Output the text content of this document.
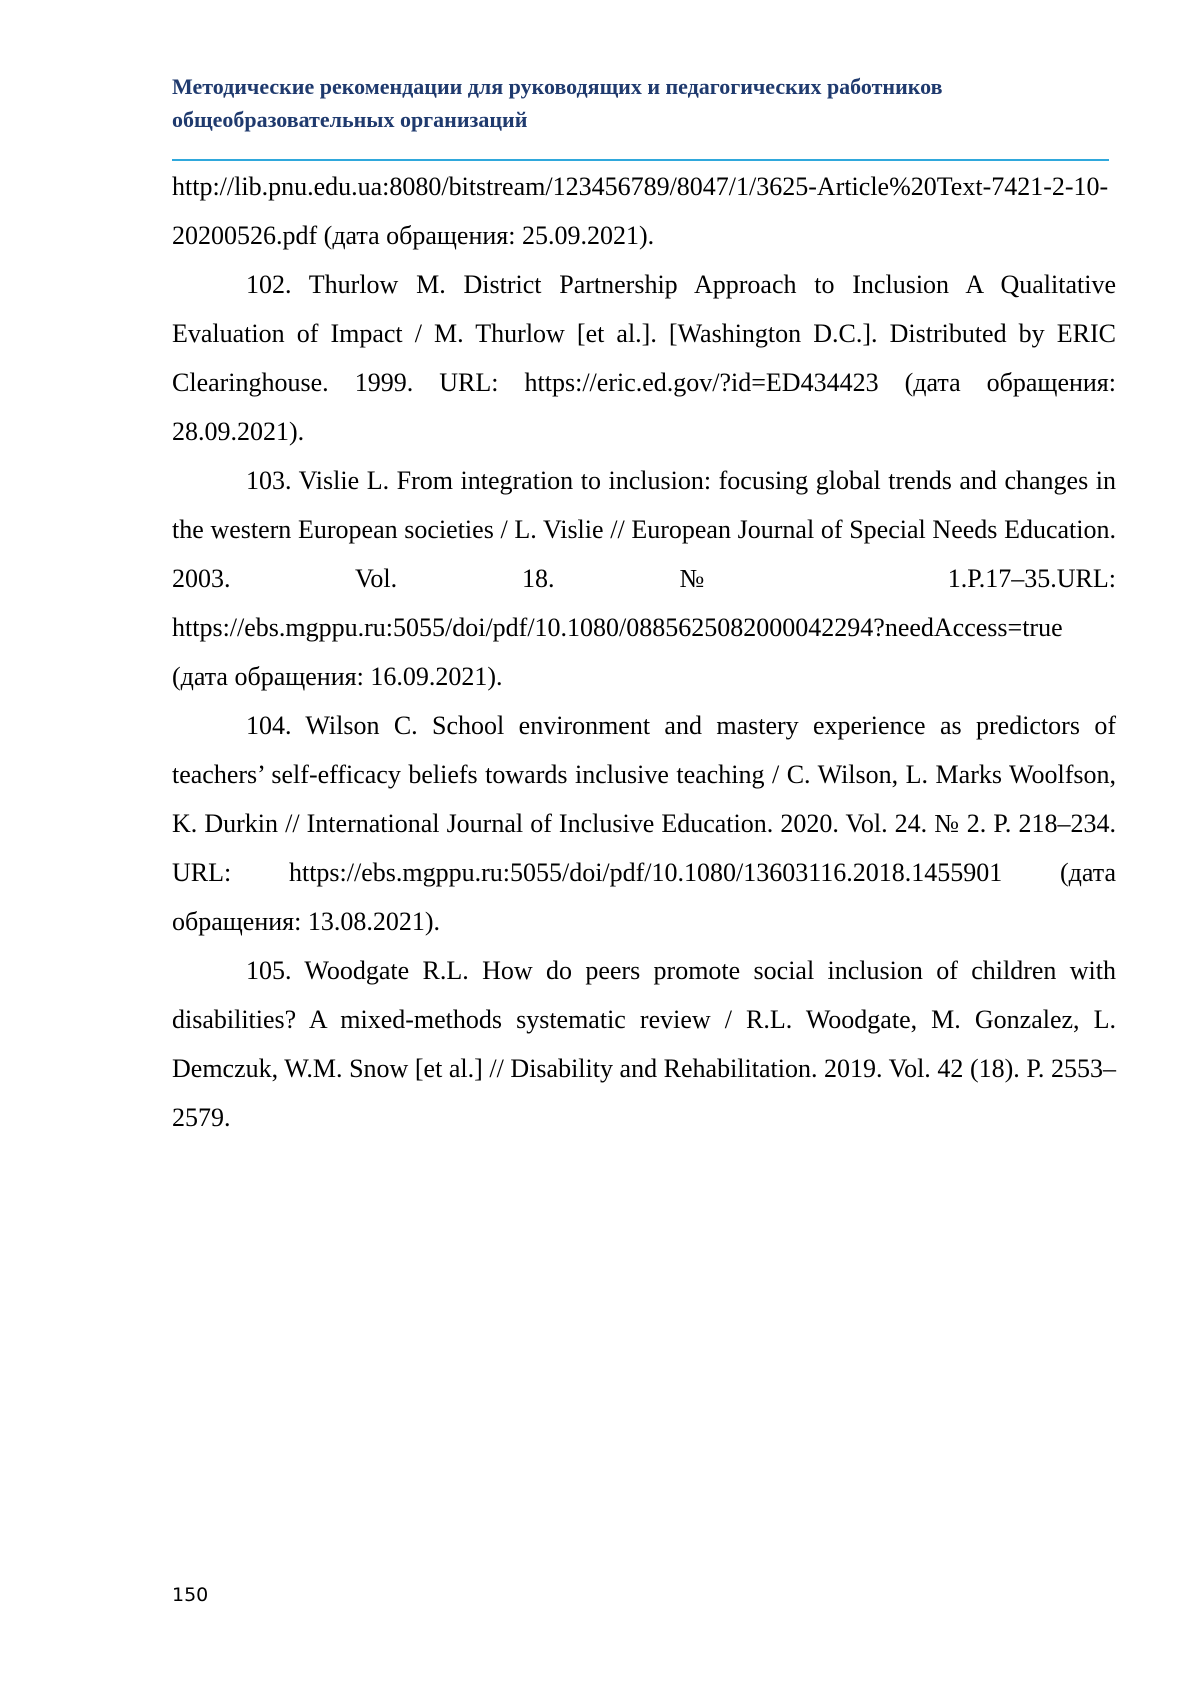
Методические рекомендации для руководящих и педагогических работников
общеобразовательных организаций

http://lib.pnu.edu.ua:8080/bitstream/123456789/8047/1/3625-Article%20Text-7421-2-10-20200526.pdf (дата обращения: 25.09.2021).

102. Thurlow M. District Partnership Approach to Inclusion A Qualitative Evaluation of Impact / M. Thurlow [et al.]. [Washington D.C.]. Distributed by ERIC Clearinghouse. 1999. URL: https://eric.ed.gov/?id=ED434423 (дата обращения: 28.09.2021).

103. Vislie L. From integration to inclusion: focusing global trends and changes in the western European societies / L. Vislie // European Journal of Special Needs Education. 2003. Vol. 18. № 1.P.17–35.URL: https://ebs.mgppu.ru:5055/doi/pdf/10.1080/0885625082000042294?needAccess=true (дата обращения: 16.09.2021).

104. Wilson C. School environment and mastery experience as predictors of teachers’ self-efficacy beliefs towards inclusive teaching / C. Wilson, L. Marks Woolfson, K. Durkin // International Journal of Inclusive Education. 2020. Vol. 24. № 2. P. 218–234. URL: https://ebs.mgppu.ru:5055/doi/pdf/10.1080/13603116.2018.1455901 (дата обращения: 13.08.2021).

105. Woodgate R.L. How do peers promote social inclusion of children with disabilities? A mixed-methods systematic review / R.L. Woodgate, M. Gonzalez, L. Demczuk, W.M. Snow [et al.] // Disability and Rehabilitation. 2019. Vol. 42 (18). P. 2553–2579.

150
